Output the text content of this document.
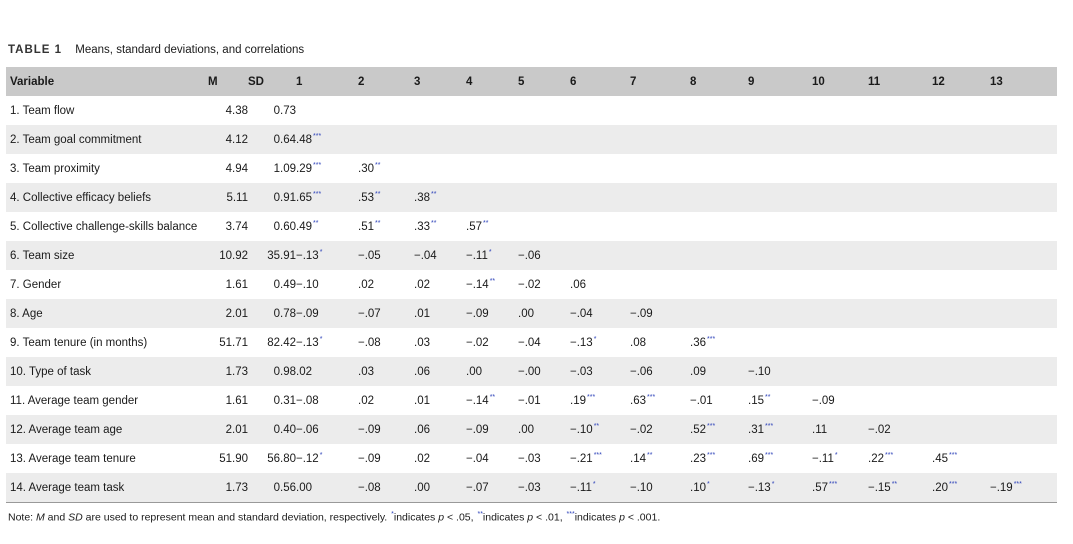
TABLE 1 Means, standard deviations, and correlations
Variable	M	SD	1	2	3	4	5	6	7	8	9	10	11	12	13
1. Team flow	4.38	0.73													
2. Team goal commitment	4.12	0.64	.48***												
3. Team proximity	4.94	1.09	.29***	.30**											
4. Collective efficacy beliefs	5.11	0.91	.65***	.53**	.38**										
5. Collective challenge-skills balance	3.74	0.60	.49**	.51**	.33**	.57**									
6. Team size	10.92	35.91	−.13*	−.05	−.04	−.11*	−.06								
7. Gender	1.61	0.49	−.10	.02	.02	−.14**	−.02	.06							
8. Age	2.01	0.78	−.09	−.07	.01	−.09	.00	−.04	−.09						
9. Team tenure (in months)	51.71	82.42	−.13*	−.08	.03	−.02	−.04	−.13*	.08	.36***					
10. Type of task	1.73	0.98	.02	.03	.06	.00	−.00	−.03	−.06	.09	−.10				
11. Average team gender	1.61	0.31	−.08	.02	.01	−.14**	−.01	.19***	.63***	−.01	.15**	−.09			
12. Average team age	2.01	0.40	−.06	−.09	.06	−.09	.00	−.10**	−.02	.52***	.31***	.11	−.02		
13. Average team tenure	51.90	56.80	−.12*	−.09	.02	−.04	−.03	−.21***	.14**	.23***	.69***	−.11*	.22***	.45***	
14. Average team task	1.73	0.56	.00	−.08	.00	−.07	−.03	−.11*	−.10	.10*	−.13*	.57***	−.15**	.20***	−.19***
Note: M and SD are used to represent mean and standard deviation, respectively. *indicates p < .05, **indicates p < .01, ***indicates p < .001.
